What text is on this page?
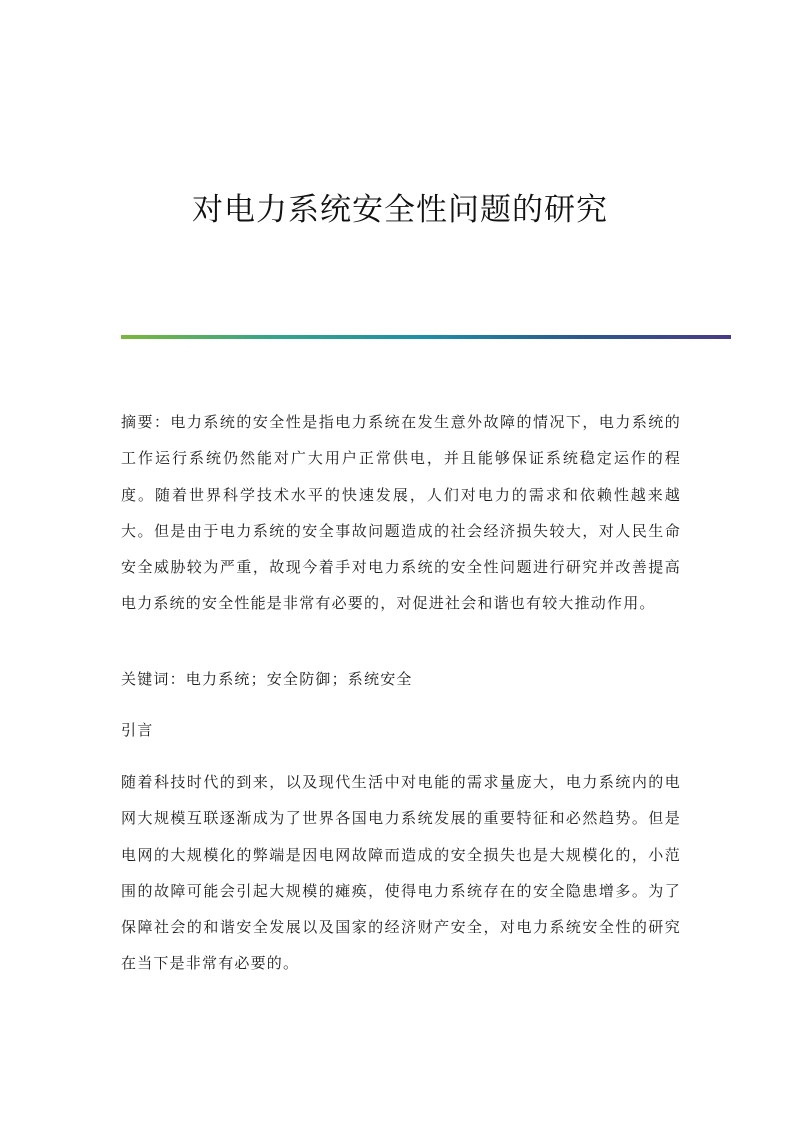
对电力系统安全性问题的研究

摘要：电力系统的安全性是指电力系统在发生意外故障的情况下，电力系统的工作运行系统仍然能对广大用户正常供电，并且能够保证系统稳定运作的程度。随着世界科学技术水平的快速发展，人们对电力的需求和依赖性越来越大。但是由于电力系统的安全事故问题造成的社会经济损失较大，对人民生命安全威胁较为严重，故现今着手对电力系统的安全性问题进行研究并改善提高电力系统的安全性能是非常有必要的，对促进社会和谐也有较大推动作用。

关键词：电力系统；安全防御；系统安全

引言

随着科技时代的到来，以及现代生活中对电能的需求量庞大，电力系统内的电网大规模互联逐渐成为了世界各国电力系统发展的重要特征和必然趋势。但是电网的大规模化的弊端是因电网故障而造成的安全损失也是大规模化的，小范围的故障可能会引起大规模的瘫痪，使得电力系统存在的安全隐患增多。为了保障社会的和谐安全发展以及国家的经济财产安全，对电力系统安全性的研究在当下是非常有必要的。
